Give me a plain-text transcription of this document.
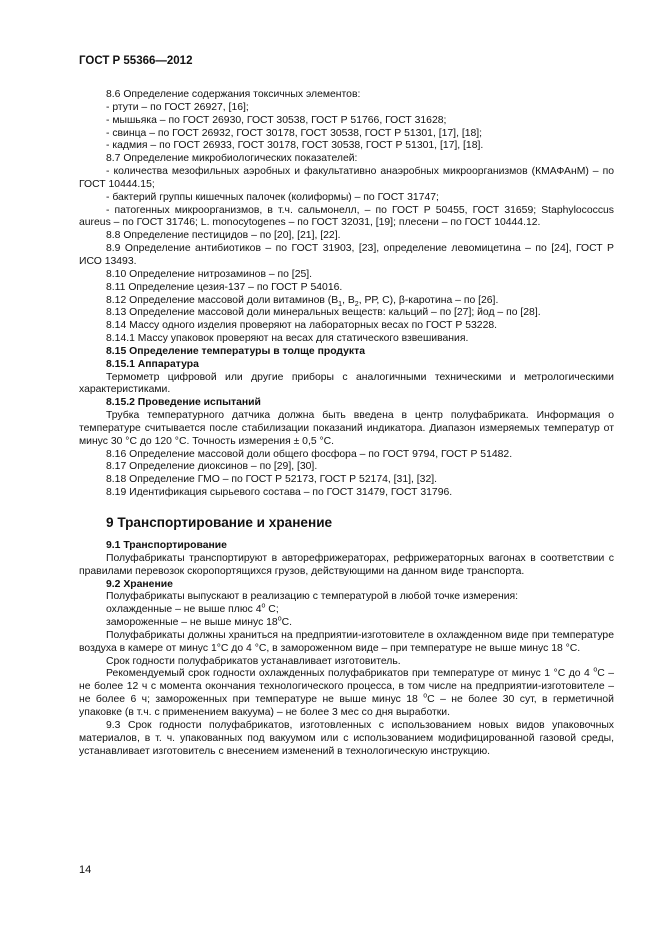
ГОСТ Р 55366—2012

8.6 Определение содержания токсичных элементов:

- ртути – по ГОСТ 26927, [16];

- мышьяка – по ГОСТ 26930, ГОСТ 30538, ГОСТ Р 51766, ГОСТ 31628;

- свинца – по ГОСТ 26932, ГОСТ 30178, ГОСТ 30538, ГОСТ Р 51301, [17], [18];

- кадмия – по ГОСТ 26933, ГОСТ 30178, ГОСТ 30538, ГОСТ Р 51301, [17], [18].

8.7 Определение микробиологических показателей:

- количества мезофильных аэробных и факультативно анаэробных микроорганизмов (КМАФАнМ) – по ГОСТ 10444.15;

- бактерий группы кишечных палочек (колиформы) – по ГОСТ 31747;

- патогенных микроорганизмов, в т.ч. сальмонелл, – по ГОСТ Р 50455, ГОСТ 31659; Staphylococcus aureus – по ГОСТ 31746; L. monocytogenes – по ГОСТ 32031, [19]; плесени – по ГОСТ 10444.12.

8.8 Определение пестицидов – по [20], [21], [22].

8.9 Определение антибиотиков – по ГОСТ 31903, [23], определение левомицетина – по [24], ГОСТ Р ИСО 13493.

8.10 Определение нитрозаминов – по [25].

8.11 Определение цезия-137 – по ГОСТ Р 54016.

8.12 Определение массовой доли витаминов ($В_1$, $В_2$, РР, С), β-каротина – по [26].

8.13 Определение массовой доли минеральных веществ: кальций – по [27]; йод – по [28].

8.14 Массу одного изделия проверяют на лабораторных весах по ГОСТ Р 53228.

8.14.1 Массу упаковок проверяют на весах для статического взвешивания.

8.15 Определение температуры в толще продукта

8.15.1 Аппаратура

Термометр цифровой или другие приборы с аналогичными техническими и метрологическими характеристиками.

8.15.2 Проведение испытаний

Трубка температурного датчика должна быть введена в центр полуфабриката. Информация о температуре считывается после стабилизации показаний индикатора. Диапазон измеряемых температур от минус 30 °С до 120 °С. Точность измерения ± 0,5 °С.

8.16 Определение массовой доли общего фосфора – по ГОСТ 9794, ГОСТ Р 51482.

8.17 Определение диоксинов – по [29], [30].

8.18 Определение ГМО – по ГОСТ Р 52173, ГОСТ Р 52174, [31], [32].

8.19 Идентификация сырьевого состава – по ГОСТ 31479, ГОСТ 31796.

9 Транспортирование и хранение

9.1 Транспортирование

Полуфабрикаты транспортируют в авторефрижераторах, рефрижераторных вагонах в соответствии с правилами перевозок скоропортящихся грузов, действующими на данном виде транспорта.

9.2 Хранение

Полуфабрикаты выпускают в реализацию с температурой в любой точке измерения:

охлажденные – не выше плюс $4^о$ С;

замороженные – не выше минус $18^оС$.

Полуфабрикаты должны храниться на предприятии-изготовителе в охлажденном виде при температуре воздуха в камере от минус 1°С до 4 °С, в замороженном виде – при температуре не выше минус 18 °С.

Срок годности полуфабрикатов устанавливает изготовитель.

Рекомендуемый срок годности охлажденных полуфабрикатов при температуре от минус 1 °С до 4 $^о$С – не более 12 ч с момента окончания технологического процесса, в том числе на предприятии-изготовителе – не более 6 ч; замороженных при температуре не выше минус 18 $^о$С – не более 30 сут, в герметичной упаковке (в т.ч. с применением вакуума) – не более 3 мес со дня выработки.

9.3 Срок годности полуфабрикатов, изготовленных с использованием новых видов упаковочных материалов, в т. ч. упакованных под вакуумом или с использованием модифицированной газовой среды, устанавливает изготовитель с внесением изменений в технологическую инструкцию.

14
